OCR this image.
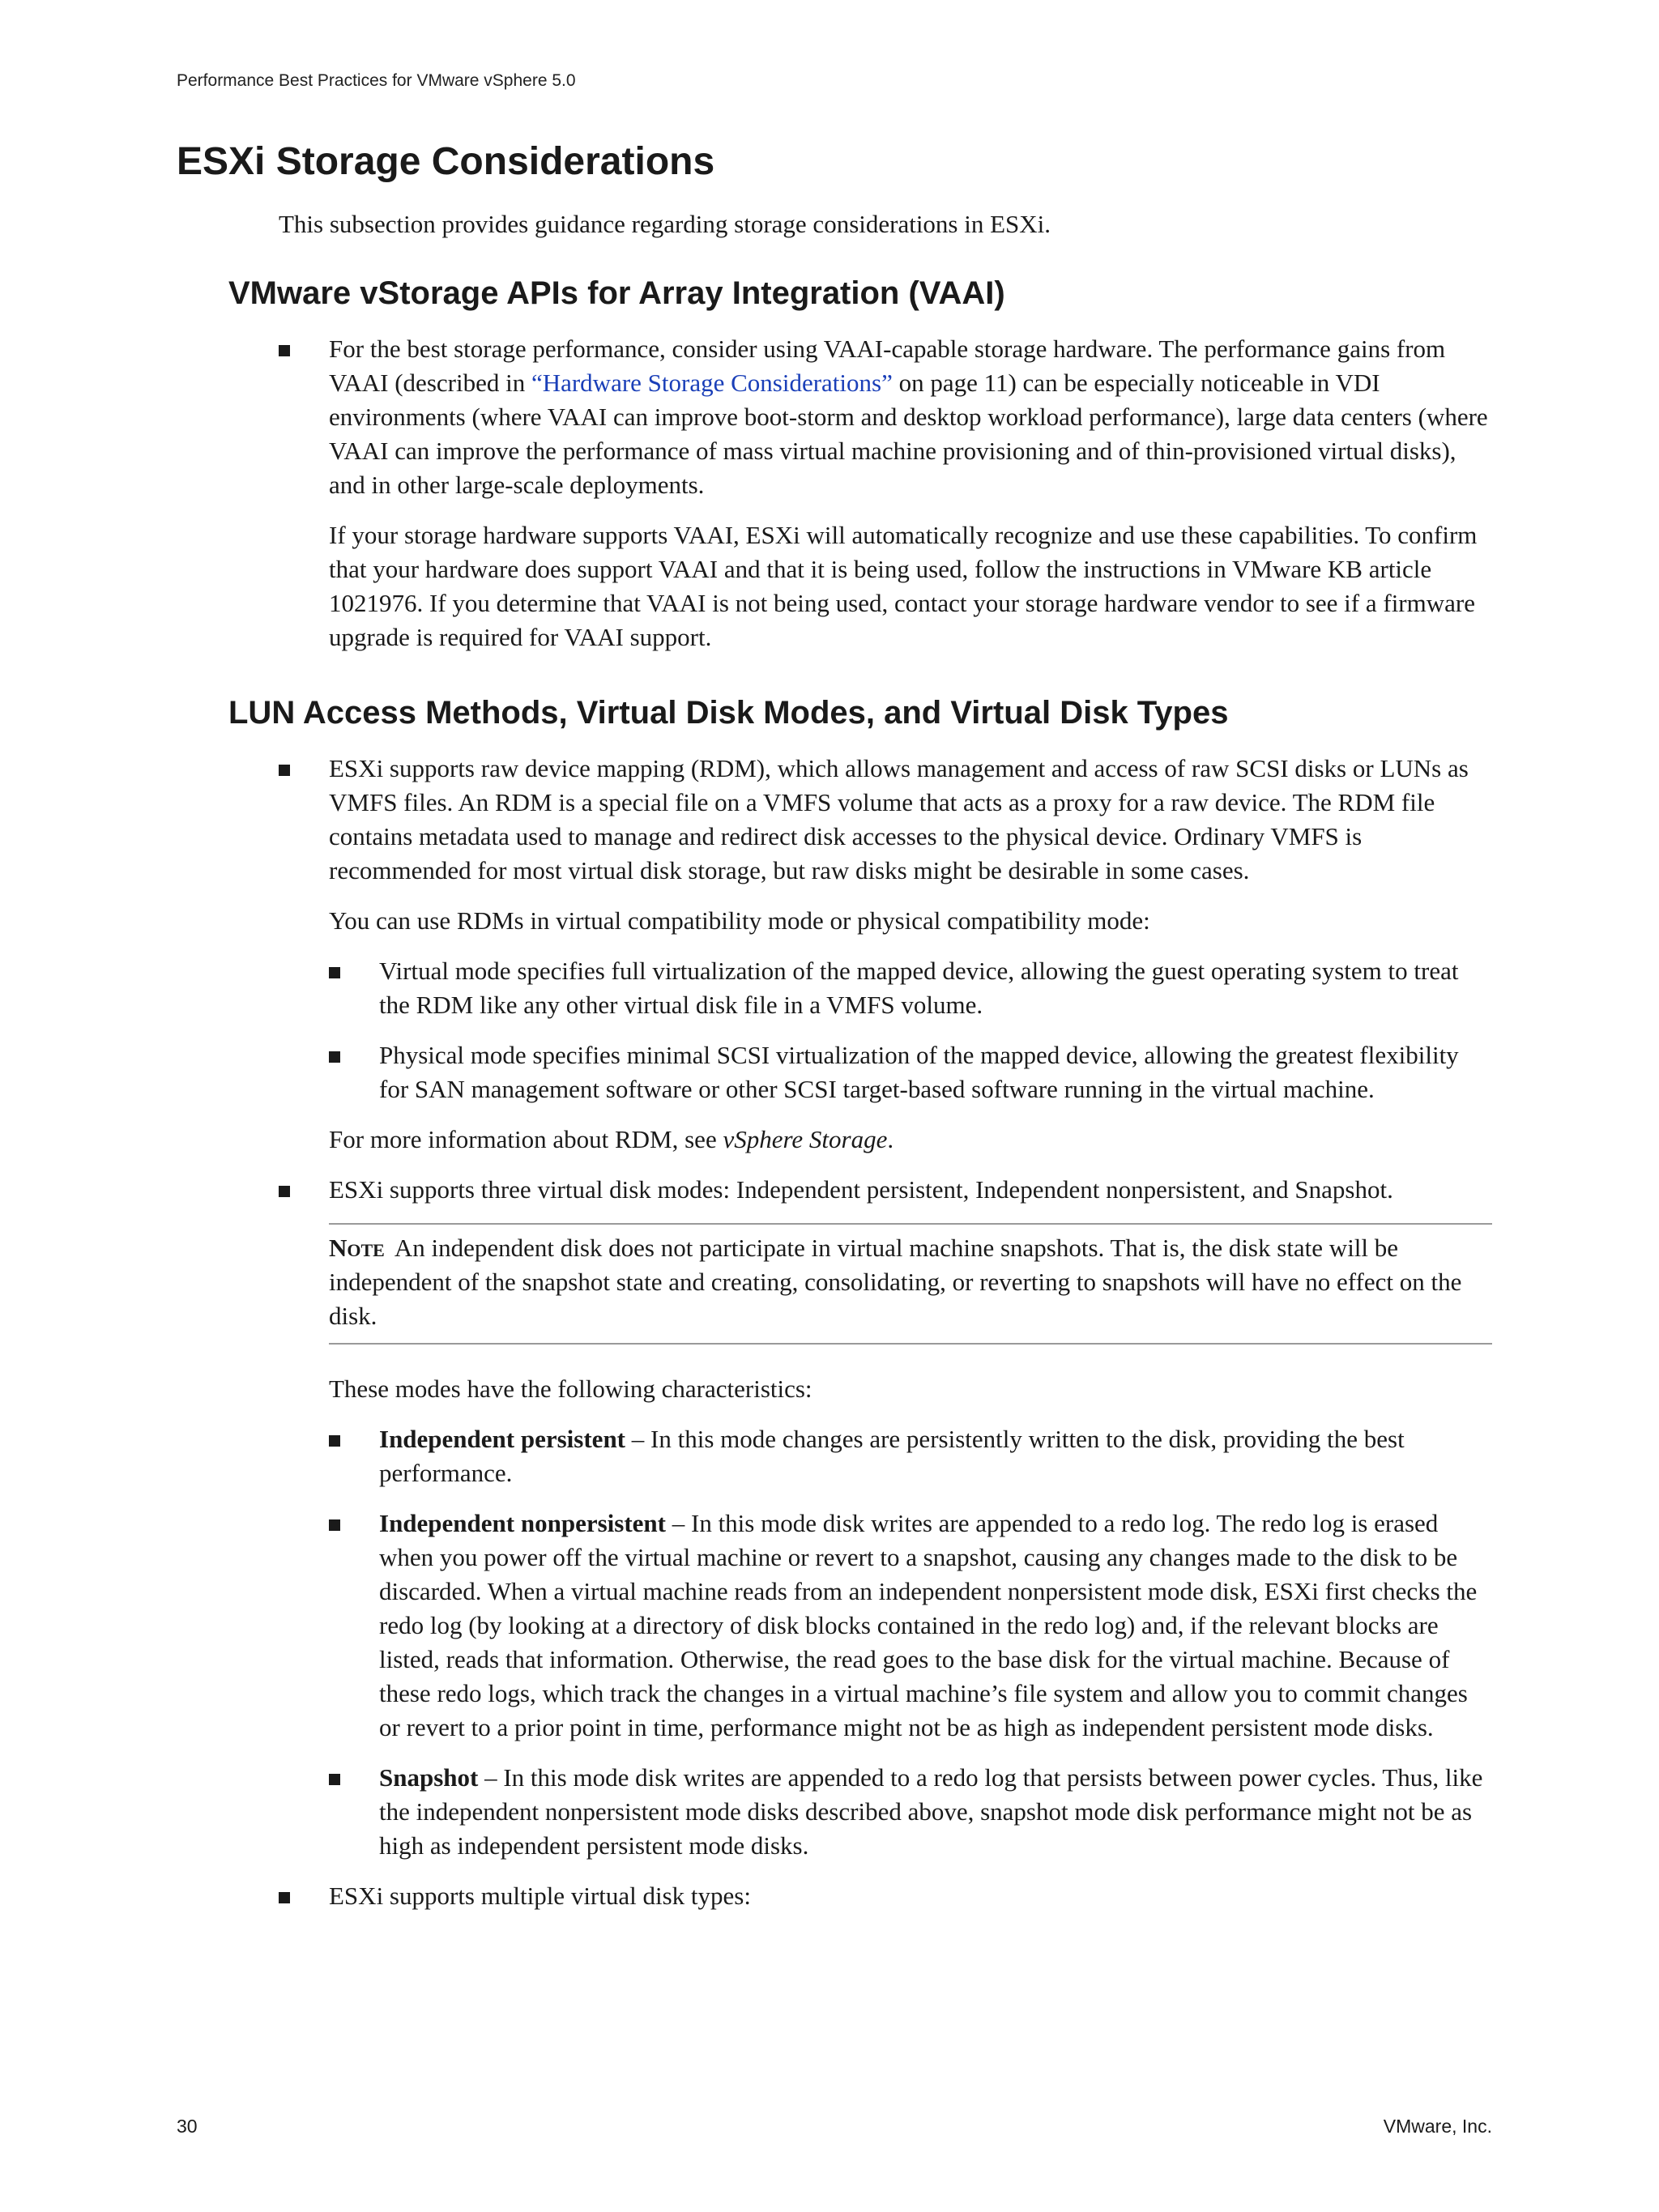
Performance Best Practices for VMware vSphere 5.0
ESXi Storage Considerations

This subsection provides guidance regarding storage considerations in ESXi.

VMware vStorage APIs for Array Integration (VAAI)

For the best storage performance, consider using VAAI-capable storage hardware. The performance gains from VAAI (described in “Hardware Storage Considerations” on page 11) can be especially noticeable in VDI environments (where VAAI can improve boot-storm and desktop workload performance), large data centers (where VAAI can improve the performance of mass virtual machine provisioning and of thin-provisioned virtual disks), and in other large-scale deployments.

If your storage hardware supports VAAI, ESXi will automatically recognize and use these capabilities. To confirm that your hardware does support VAAI and that it is being used, follow the instructions in VMware KB article 1021976. If you determine that VAAI is not being used, contact your storage hardware vendor to see if a firmware upgrade is required for VAAI support.

LUN Access Methods, Virtual Disk Modes, and Virtual Disk Types

ESXi supports raw device mapping (RDM), which allows management and access of raw SCSI disks or LUNs as VMFS files. An RDM is a special file on a VMFS volume that acts as a proxy for a raw device. The RDM file contains metadata used to manage and redirect disk accesses to the physical device. Ordinary VMFS is recommended for most virtual disk storage, but raw disks might be desirable in some cases.

You can use RDMs in virtual compatibility mode or physical compatibility mode:

Virtual mode specifies full virtualization of the mapped device, allowing the guest operating system to treat the RDM like any other virtual disk file in a VMFS volume.
Physical mode specifies minimal SCSI virtualization of the mapped device, allowing the greatest flexibility for SAN management software or other SCSI target-based software running in the virtual machine.

For more information about RDM, see vSphere Storage.

ESXi supports three virtual disk modes: Independent persistent, Independent nonpersistent, and Snapshot.

Note An independent disk does not participate in virtual machine snapshots. That is, the disk state will be independent of the snapshot state and creating, consolidating, or reverting to snapshots will have no effect on the disk.

These modes have the following characteristics:

Independent persistent – In this mode changes are persistently written to the disk, providing the best performance.
Independent nonpersistent – In this mode disk writes are appended to a redo log. The redo log is erased when you power off the virtual machine or revert to a snapshot, causing any changes made to the disk to be discarded. When a virtual machine reads from an independent nonpersistent mode disk, ESXi first checks the redo log (by looking at a directory of disk blocks contained in the redo log) and, if the relevant blocks are listed, reads that information. Otherwise, the read goes to the base disk for the virtual machine. Because of these redo logs, which track the changes in a virtual machine’s file system and allow you to commit changes or revert to a prior point in time, performance might not be as high as independent persistent mode disks.
Snapshot – In this mode disk writes are appended to a redo log that persists between power cycles. Thus, like the independent nonpersistent mode disks described above, snapshot mode disk performance might not be as high as independent persistent mode disks.
ESXi supports multiple virtual disk types:
30	VMware, Inc.
